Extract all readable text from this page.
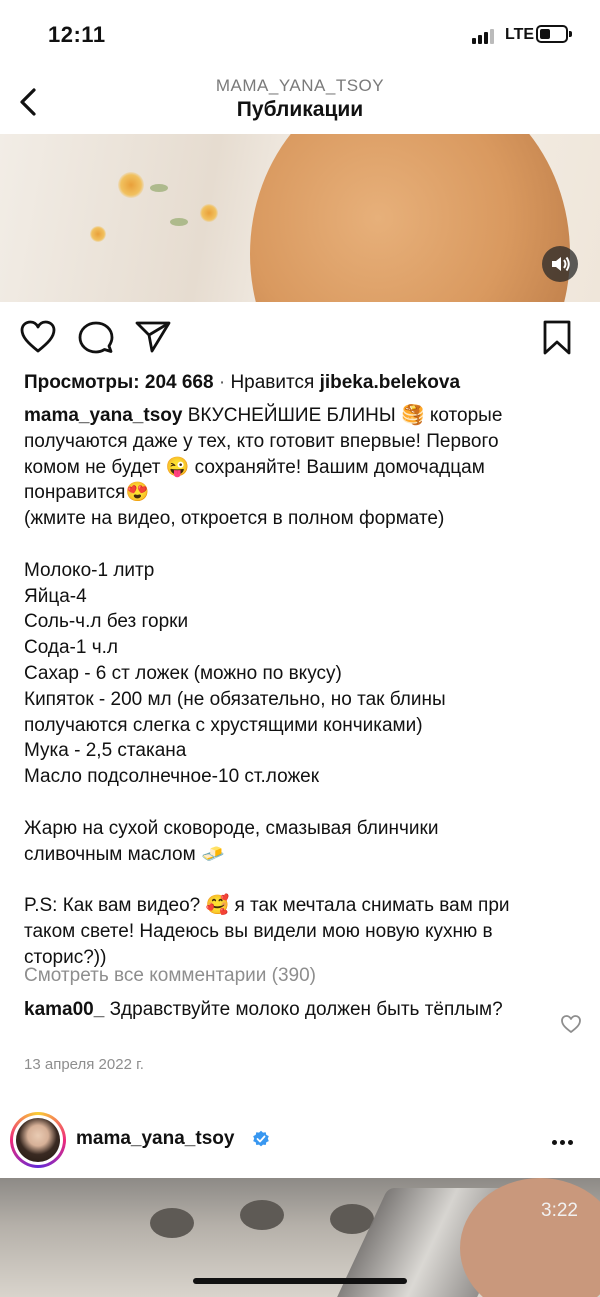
12:11	LTE
MAMA_YANA_TSOY
Публикации
Просмотры: 204 668 · Нравится jibeka.belekova
mama_yana_tsoy ВКУСНЕЙШИЕ БЛИНЫ 🥞 которые
получаются даже у тех, кто готовит впервые! Первого
комом не будет 😜 сохраняйте! Вашим домочадцам
понравится😍
(жмите на видео, откроется в полном формате)
Молоко-1 литр
Яйца-4
Соль-ч.л без горки
Сода-1 ч.л
Сахар - 6 ст ложек (можно по вкусу)
Кипяток - 200 мл (не обязательно, но так блины
получаются слегка с хрустящими кончиками)
Мука - 2,5 стакана
Масло подсолнечное-10 ст.ложек
Жарю на сухой сковороде, смазывая блинчики
сливочным маслом 🧈
P.S: Как вам видео? 🥰 я так мечтала снимать вам при
таком свете! Надеюсь вы видели мою новую кухню в
сторис?))
Смотреть все комментарии (390)
kama00_ Здравствуйте молоко должен быть тёплым?
13 апреля 2022 г.
mama_yana_tsoy
3:22
